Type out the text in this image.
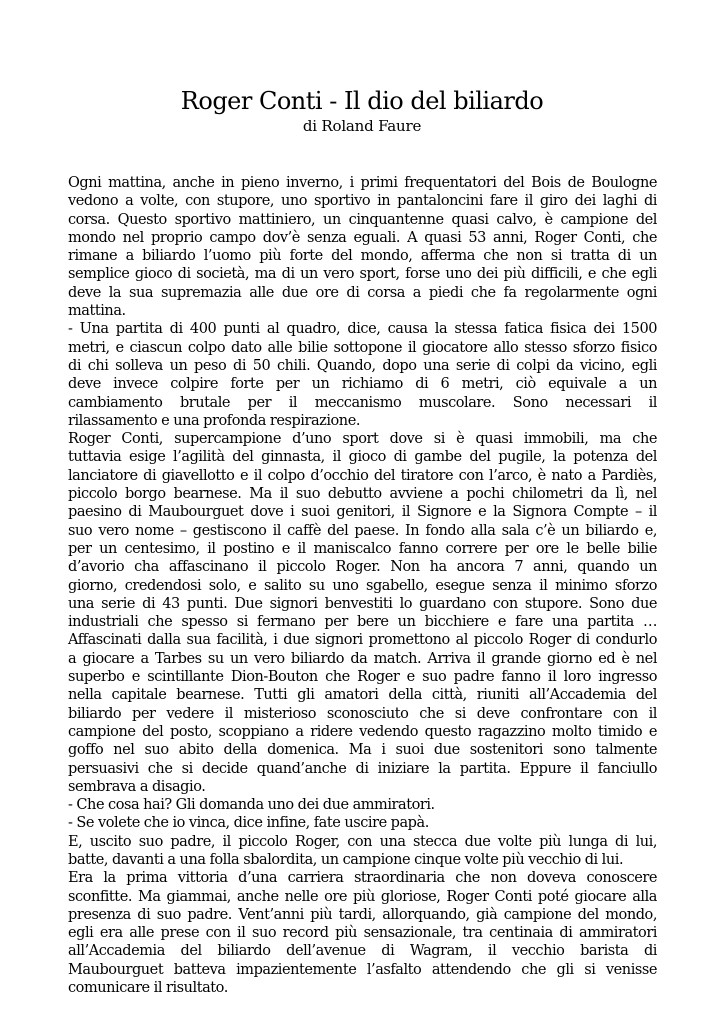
Roger Conti - Il dio del biliardo
di Roland Faure
Ogni mattina, anche in pieno inverno, i primi frequentatori del Bois de Boulogne
vedono a volte, con stupore, uno sportivo in pantaloncini fare il giro dei laghi di
corsa. Questo sportivo mattiniero, un cinquantenne quasi calvo, è campione del
mondo nel proprio campo dov’è senza eguali. A quasi 53 anni, Roger Conti, che
rimane a biliardo l’uomo più forte del mondo, afferma che non si tratta di un
semplice gioco di società, ma di un vero sport, forse uno dei più difficili, e che egli
deve la sua supremazia alle due ore di corsa a piedi che fa regolarmente ogni
mattina.
- Una partita di 400 punti al quadro, dice, causa la stessa fatica fisica dei 1500
metri, e ciascun colpo dato alle bilie sottopone il giocatore allo stesso sforzo fisico
di chi solleva un peso di 50 chili. Quando, dopo una serie di colpi da vicino, egli
deve invece colpire forte per un richiamo di 6 metri, ciò equivale a un
cambiamento brutale per il meccanismo muscolare. Sono necessari il
rilassamento e una profonda respirazione.
Roger Conti, supercampione d’uno sport dove si è quasi immobili, ma che
tuttavia esige l’agilità del ginnasta, il gioco di gambe del pugile, la potenza del
lanciatore di giavellotto e il colpo d’occhio del tiratore con l’arco, è nato a Pardiès,
piccolo borgo bearnese. Ma il suo debutto avviene a pochi chilometri da lì, nel
paesino di Maubourguet dove i suoi genitori, il Signore e la Signora Compte – il
suo vero nome – gestiscono il caffè del paese. In fondo alla sala c’è un biliardo e,
per un centesimo, il postino e il maniscalco fanno correre per ore le belle bilie
d’avorio cha affascinano il piccolo Roger. Non ha ancora 7 anni, quando un
giorno, credendosi solo, e salito su uno sgabello, esegue senza il minimo sforzo
una serie di 43 punti. Due signori benvestiti lo guardano con stupore. Sono due
industriali che spesso si fermano per bere un bicchiere e fare una partita …
Affascinati dalla sua facilità, i due signori promettono al piccolo Roger di condurlo
a giocare a Tarbes su un vero biliardo da match. Arriva il grande giorno ed è nel
superbo e scintillante Dion-Bouton che Roger e suo padre fanno il loro ingresso
nella capitale bearnese. Tutti gli amatori della città, riuniti all’Accademia del
biliardo per vedere il misterioso sconosciuto che si deve confrontare con il
campione del posto, scoppiano a ridere vedendo questo ragazzino molto timido e
goffo nel suo abito della domenica. Ma i suoi due sostenitori sono talmente
persuasivi che si decide quand’anche di iniziare la partita. Eppure il fanciullo
sembrava a disagio.
- Che cosa hai? Gli domanda uno dei due ammiratori.
- Se volete che io vinca, dice infine, fate uscire papà.
E, uscito suo padre, il piccolo Roger, con una stecca due volte più lunga di lui,
batte, davanti a una folla sbalordita, un campione cinque volte più vecchio di lui.
Era la prima vittoria d’una carriera straordinaria che non doveva conoscere
sconfitte. Ma giammai, anche nelle ore più gloriose, Roger Conti poté giocare alla
presenza di suo padre. Vent’anni più tardi, allorquando, già campione del mondo,
egli era alle prese con il suo record più sensazionale, tra centinaia di ammiratori
all’Accademia del biliardo dell’avenue di Wagram, il vecchio barista di
Maubourguet batteva impazientemente l’asfalto attendendo che gli si venisse
comunicare il risultato.
